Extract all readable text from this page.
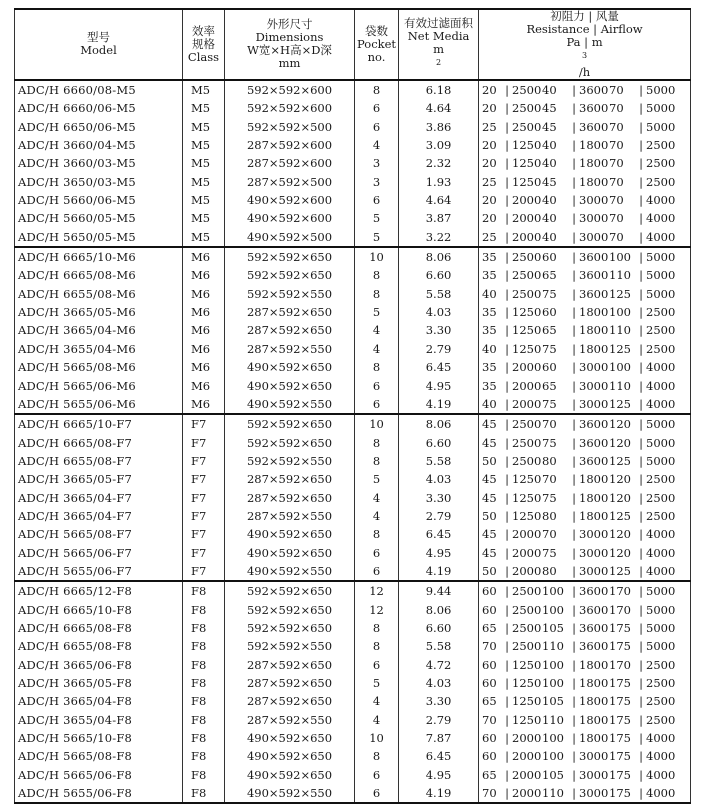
型号
Model	效率
规格
Class	外形尺寸
Dimensions
W宽×H高×D深
mm	袋数
Pocket
no.	有效过滤面积
Net Media
m
$^2$	初阻力 | 风量
Resistance | Airflow
Pa | m
$^3$
/h

ADC/H 6660/08-M5	M5	592×592×600	8	6.18	20 | 250040 | 360070 | 5000
ADC/H 6660/06-M5	M5	592×592×600	6	4.64	20 | 250045 | 360070 | 5000
ADC/H 6650/06-M5	M5	592×592×500	6	3.86	25 | 250045 | 360070 | 5000
ADC/H 3660/04-M5	M5	287×592×600	4	3.09	20 | 125040 | 180070 | 2500
ADC/H 3660/03-M5	M5	287×592×600	3	2.32	20 | 125040 | 180070 | 2500
ADC/H 3650/03-M5	M5	287×592×500	3	1.93	25 | 125045 | 180070 | 2500
ADC/H 5660/06-M5	M5	490×592×600	6	4.64	20 | 200040 | 300070 | 4000
ADC/H 5660/05-M5	M5	490×592×600	5	3.87	20 | 200040 | 300070 | 4000
ADC/H 5650/05-M5	M5	490×592×500	5	3.22	25 | 200040 | 300070 | 4000
ADC/H 6665/10-M6	M6	592×592×650	10	8.06	35 | 250060 | 3600100 | 5000
ADC/H 6665/08-M6	M6	592×592×650	8	6.60	35 | 250065 | 3600110 | 5000
ADC/H 6655/08-M6	M6	592×592×550	8	5.58	40 | 250075 | 3600125 | 5000
ADC/H 3665/05-M6	M6	287×592×650	5	4.03	35 | 125060 | 1800100 | 2500
ADC/H 3665/04-M6	M6	287×592×650	4	3.30	35 | 125065 | 1800110 | 2500
ADC/H 3655/04-M6	M6	287×592×550	4	2.79	40 | 125075 | 1800125 | 2500
ADC/H 5665/08-M6	M6	490×592×650	8	6.45	35 | 200060 | 3000100 | 4000
ADC/H 5665/06-M6	M6	490×592×650	6	4.95	35 | 200065 | 3000110 | 4000
ADC/H 5655/06-M6	M6	490×592×550	6	4.19	40 | 200075 | 3000125 | 4000
ADC/H 6665/10-F7	F7	592×592×650	10	8.06	45 | 250070 | 3600120 | 5000
ADC/H 6665/08-F7	F7	592×592×650	8	6.60	45 | 250075 | 3600120 | 5000
ADC/H 6655/08-F7	F7	592×592×550	8	5.58	50 | 250080 | 3600125 | 5000
ADC/H 3665/05-F7	F7	287×592×650	5	4.03	45 | 125070 | 1800120 | 2500
ADC/H 3665/04-F7	F7	287×592×650	4	3.30	45 | 125075 | 1800120 | 2500
ADC/H 3665/04-F7	F7	287×592×550	4	2.79	50 | 125080 | 1800125 | 2500
ADC/H 5665/08-F7	F7	490×592×650	8	6.45	45 | 200070 | 3000120 | 4000
ADC/H 5665/06-F7	F7	490×592×650	6	4.95	45 | 200075 | 3000120 | 4000
ADC/H 5655/06-F7	F7	490×592×550	6	4.19	50 | 200080 | 3000125 | 4000
ADC/H 6665/12-F8	F8	592×592×650	12	9.44	60 | 2500100 | 3600170 | 5000
ADC/H 6665/10-F8	F8	592×592×650	12	8.06	60 | 2500100 | 3600170 | 5000
ADC/H 6665/08-F8	F8	592×592×650	8	6.60	65 | 2500105 | 3600175 | 5000
ADC/H 6655/08-F8	F8	592×592×550	8	5.58	70 | 2500110 | 3600175 | 5000
ADC/H 3665/06-F8	F8	287×592×650	6	4.72	60 | 1250100 | 1800170 | 2500
ADC/H 3665/05-F8	F8	287×592×650	5	4.03	60 | 1250100 | 1800175 | 2500
ADC/H 3665/04-F8	F8	287×592×650	4	3.30	65 | 1250105 | 1800175 | 2500
ADC/H 3655/04-F8	F8	287×592×550	4	2.79	70 | 1250110 | 1800175 | 2500
ADC/H 5665/10-F8	F8	490×592×650	10	7.87	60 | 2000100 | 1800175 | 4000
ADC/H 5665/08-F8	F8	490×592×650	8	6.45	60 | 2000100 | 3000175 | 4000
ADC/H 5665/06-F8	F8	490×592×650	6	4.95	65 | 2000105 | 3000175 | 4000
ADC/H 5655/06-F8	F8	490×592×550	6	4.19	70 | 2000110 | 3000175 | 4000
